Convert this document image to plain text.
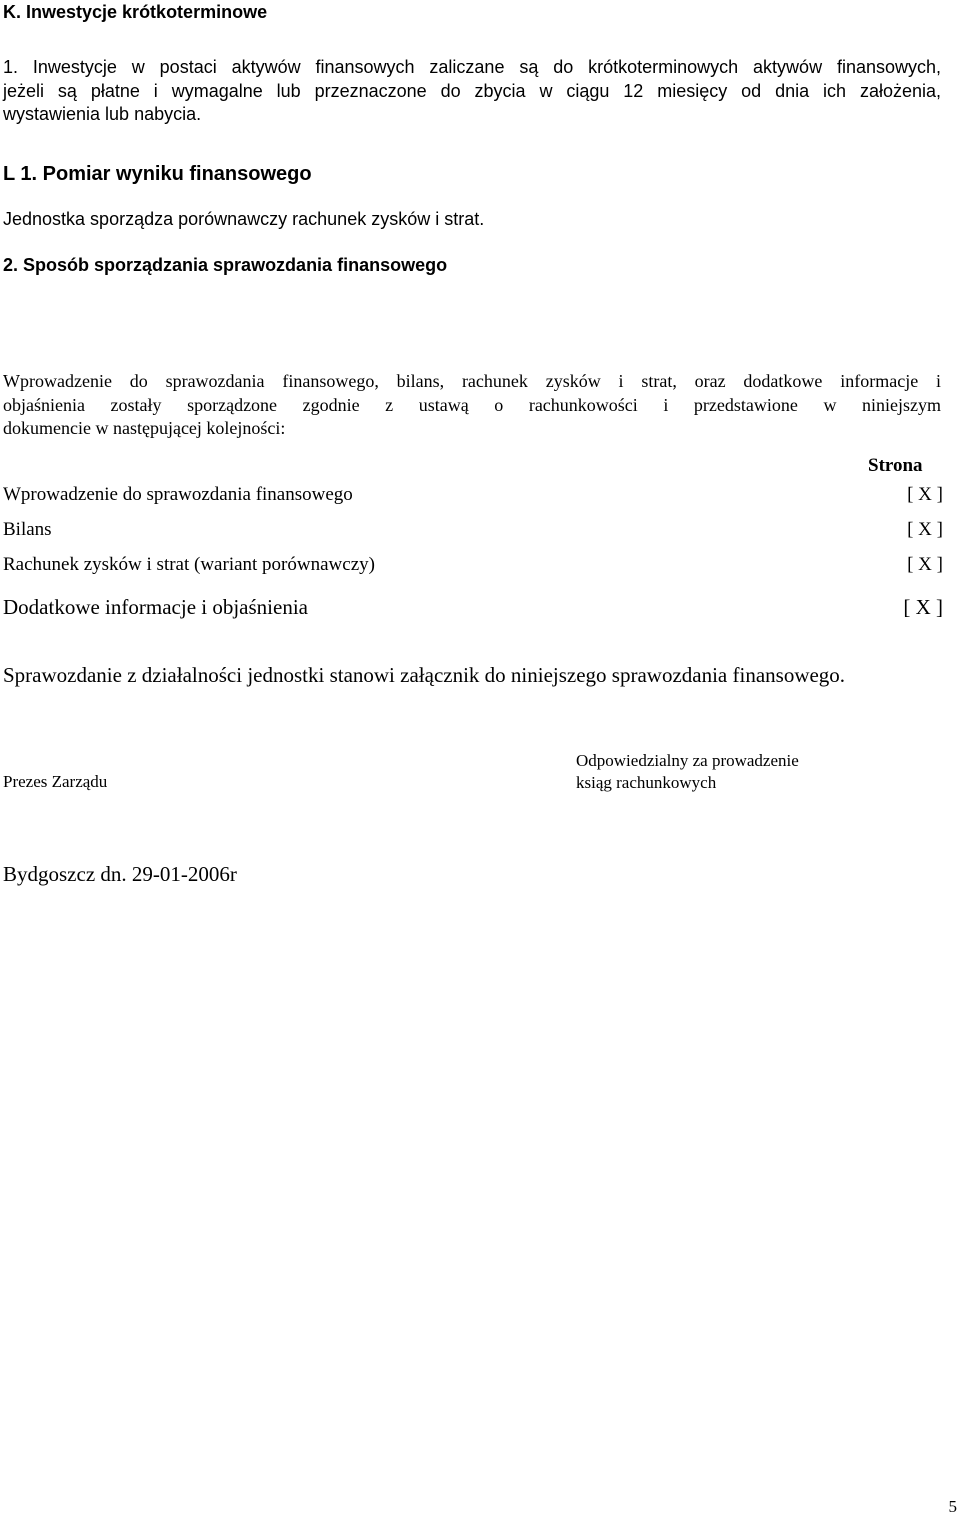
K. Inwestycje krótkoterminowe
1. Inwestycje w postaci aktywów finansowych zaliczane są do krótkoterminowych aktywów finansowych,
jeżeli są płatne i wymagalne lub przeznaczone do zbycia w ciągu 12 miesięcy od dnia ich założenia,
wystawienia lub nabycia.
L 1. Pomiar wyniku finansowego
Jednostka sporządza porównawczy rachunek zysków i strat.
2. Sposób sporządzania sprawozdania finansowego
Wprowadzenie do sprawozdania finansowego, bilans, rachunek zysków i strat, oraz dodatkowe informacje i
objaśnienia zostały sporządzone zgodnie z ustawą o rachunkowości i przedstawione w niniejszym
dokumencie w następującej kolejności:
Strona
Wprowadzenie do sprawozdania finansowego	[ X ]
Bilans	[ X ]
Rachunek zysków i strat (wariant porównawczy)	[ X ]
Dodatkowe informacje i objaśnienia	[ X ]
Sprawozdanie z działalności jednostki stanowi załącznik do niniejszego sprawozdania finansowego.
Prezes Zarządu
Odpowiedzialny za prowadzenie
ksiąg rachunkowych
Bydgoszcz dn. 29-01-2006r
5
